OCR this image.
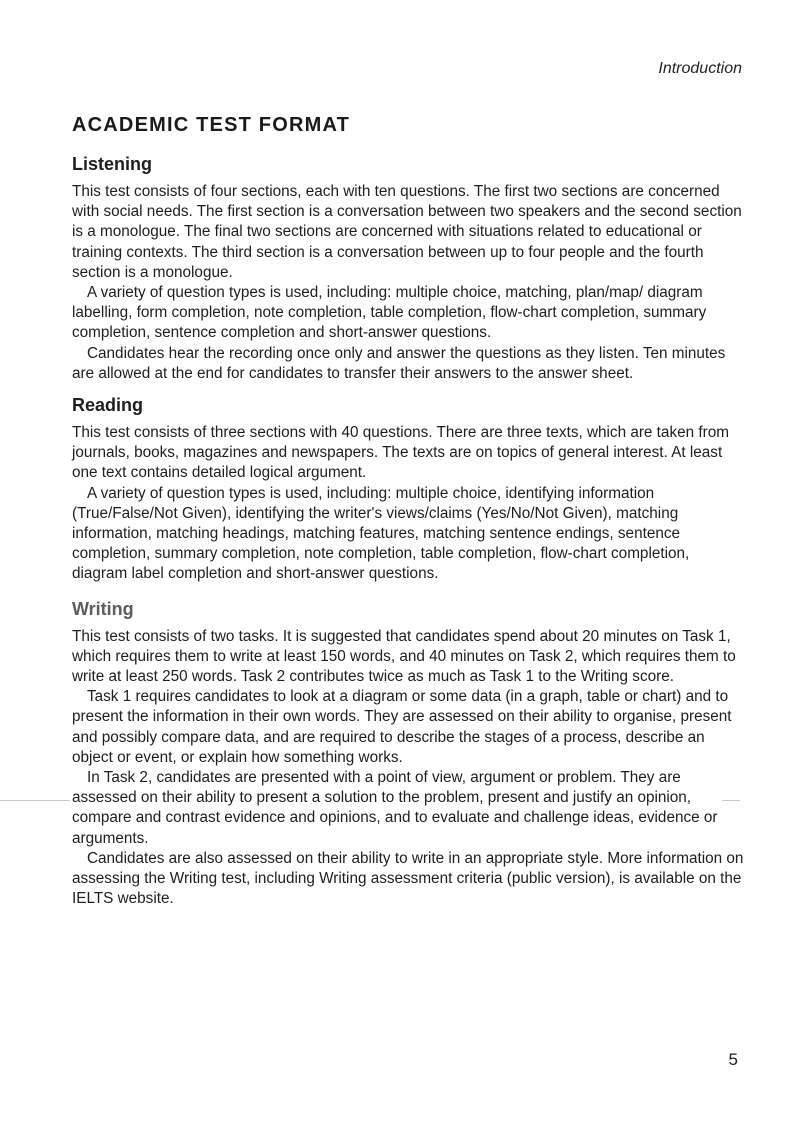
Introduction
ACADEMIC TEST FORMAT
Listening

This test consists of four sections, each with ten questions. The first two sections are concerned with social needs. The first section is a conversation between two speakers and the second section is a monologue. The final two sections are concerned with situations related to educational or training contexts. The third section is a conversation between up to four people and the fourth section is a monologue.

A variety of question types is used, including: multiple choice, matching, plan/map/ diagram labelling, form completion, note completion, table completion, flow-chart completion, summary completion, sentence completion and short-answer questions.

Candidates hear the recording once only and answer the questions as they listen. Ten minutes are allowed at the end for candidates to transfer their answers to the answer sheet.

Reading

This test consists of three sections with 40 questions. There are three texts, which are taken from journals, books, magazines and newspapers. The texts are on topics of general interest. At least one text contains detailed logical argument.

A variety of question types is used, including: multiple choice, identifying information (True/False/Not Given), identifying the writer's views/claims (Yes/No/Not Given), matching information, matching headings, matching features, matching sentence endings, sentence completion, summary completion, note completion, table completion, flow-chart completion, diagram label completion and short-answer questions.

Writing

This test consists of two tasks. It is suggested that candidates spend about 20 minutes on Task 1, which requires them to write at least 150 words, and 40 minutes on Task 2, which requires them to write at least 250 words. Task 2 contributes twice as much as Task 1 to the Writing score.

Task 1 requires candidates to look at a diagram or some data (in a graph, table or chart) and to present the information in their own words. They are assessed on their ability to organise, present and possibly compare data, and are required to describe the stages of a process, describe an object or event, or explain how something works.

In Task 2, candidates are presented with a point of view, argument or problem. They are assessed on their ability to present a solution to the problem, present and justify an opinion, compare and contrast evidence and opinions, and to evaluate and challenge ideas, evidence or arguments.

Candidates are also assessed on their ability to write in an appropriate style. More information on assessing the Writing test, including Writing assessment criteria (public version), is available on the IELTS website.

5
